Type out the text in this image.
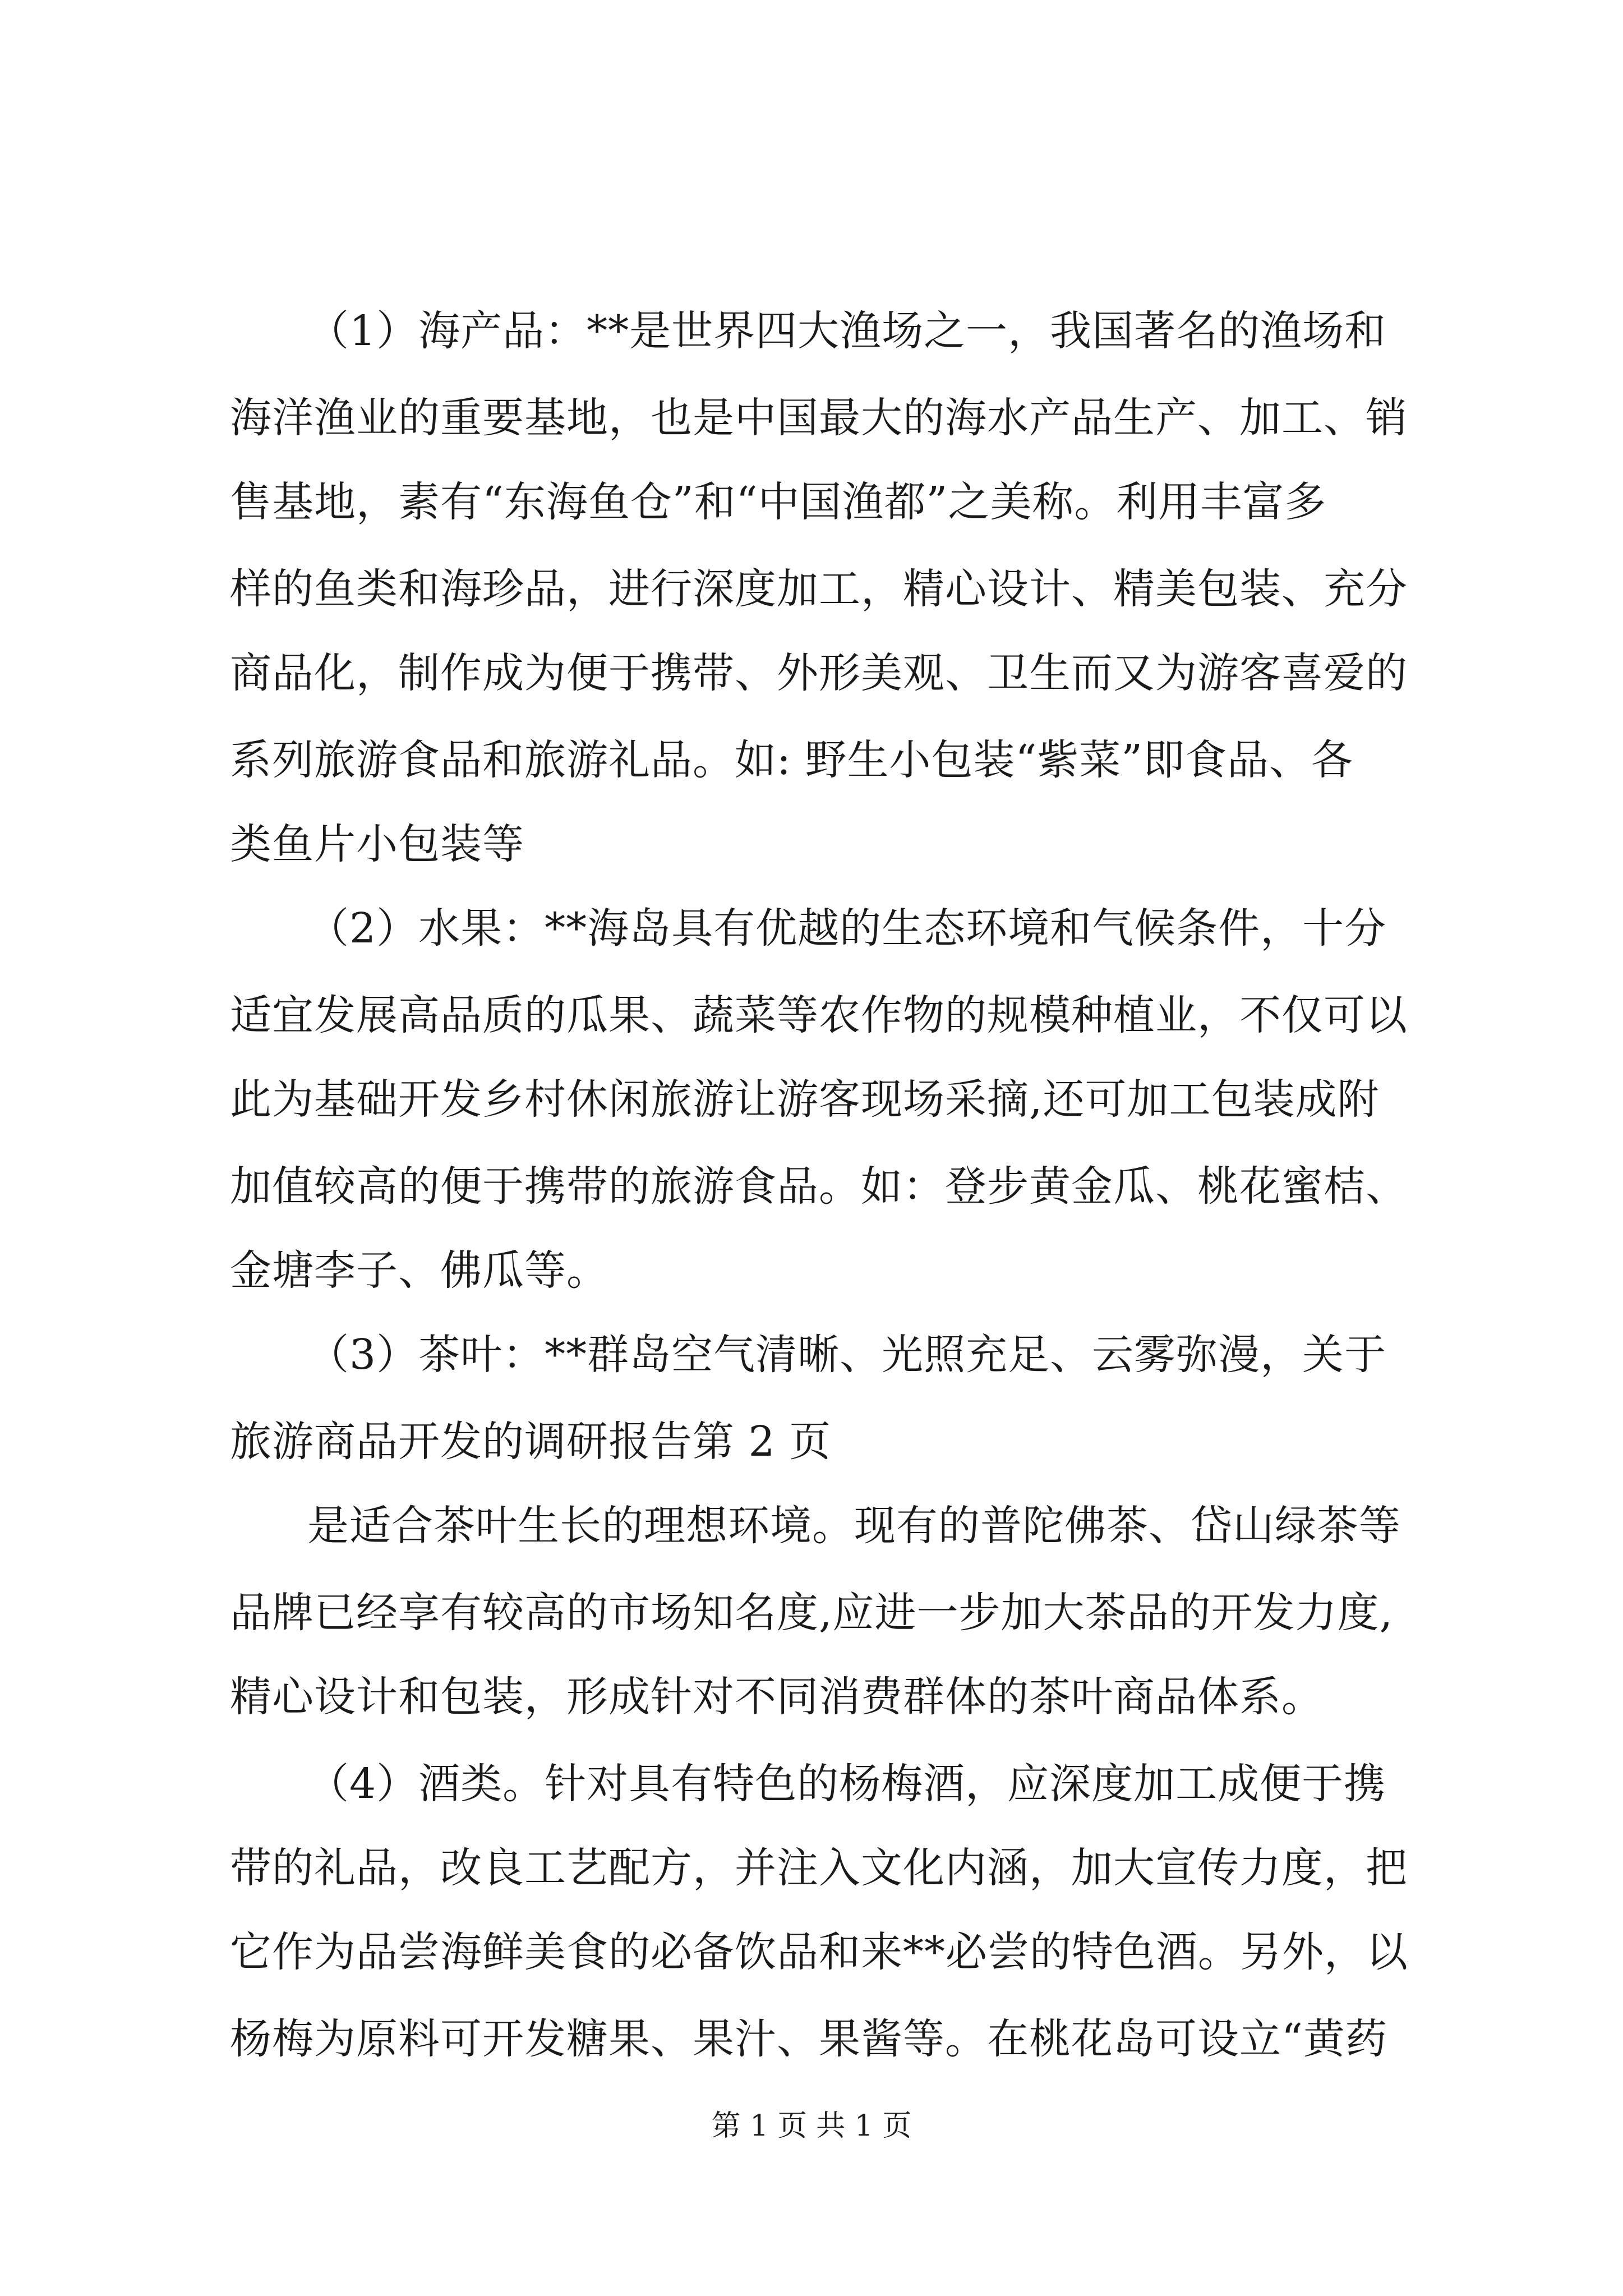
（1）海产品：**是世界四大渔场之一，我国著名的渔场和

海洋渔业的重要基地，也是中国最大的海水产品生产、加工、销

售基地，素有“东海鱼仓”和“中国渔都”之美称。利用丰富多

样的鱼类和海珍品，进行深度加工，精心设计、精美包装、充分

商品化，制作成为便于携带、外形美观、卫生而又为游客喜爱的

系列旅游食品和旅游礼品。如: 野生小包装“紫菜”即食品、各

类鱼片小包装等

（2）水果：**海岛具有优越的生态环境和气候条件，十分

适宜发展高品质的瓜果、蔬菜等农作物的规模种植业，不仅可以

此为基础开发乡村休闲旅游让游客现场采摘,还可加工包装成附

加值较高的便于携带的旅游食品。如：登步黄金瓜、桃花蜜桔、

金塘李子、佛瓜等。

（3）茶叶：**群岛空气清晰、光照充足、云雾弥漫，关于

旅游商品开发的调研报告第 2 页

是适合茶叶生长的理想环境。现有的普陀佛茶、岱山绿茶等

品牌已经享有较高的市场知名度,应进一步加大茶品的开发力度,

精心设计和包装，形成针对不同消费群体的茶叶商品体系。

（4）酒类。针对具有特色的杨梅酒，应深度加工成便于携

带的礼品，改良工艺配方，并注入文化内涵，加大宣传力度，把

它作为品尝海鲜美食的必备饮品和来**必尝的特色酒。另外，以

杨梅为原料可开发糖果、果汁、果酱等。在桃花岛可设立“黄药

第 1 页 共 1 页
